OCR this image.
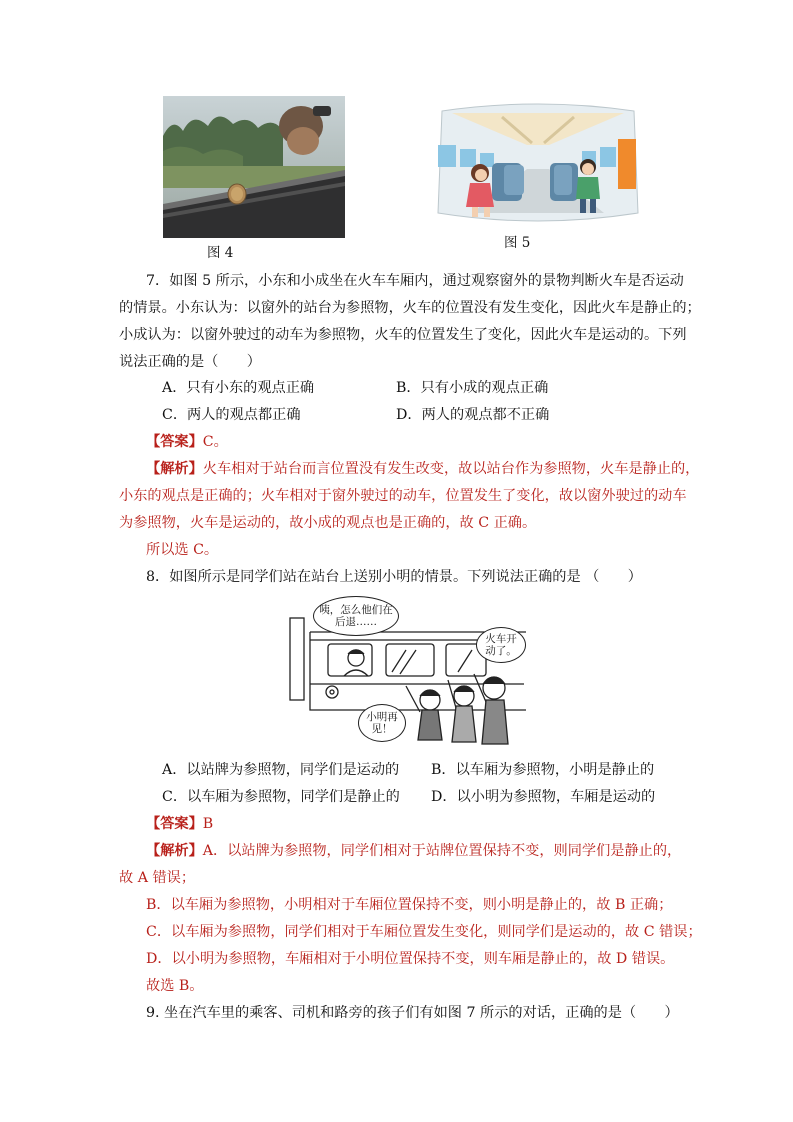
图 4
图 5
7．如图 5 所示，小东和小成坐在火车车厢内，通过观察窗外的景物判断火车是否运动
的情景。小东认为：以窗外的站台为参照物，火车的位置没有发生变化，因此火车是静止的；
小成认为：以窗外驶过的动车为参照物，火车的位置发生了变化，因此火车是运动的。下列
说法正确的是（　　）
A．只有小东的观点正确	B．只有小成的观点正确
C．两人的观点都正确	D．两人的观点都不正确
【答案】C。
【解析】火车相对于站台而言位置没有发生改变，故以站台作为参照物，火车是静止的，
小东的观点是正确的；火车相对于窗外驶过的动车，位置发生了变化，故以窗外驶过的动车
为参照物，火车是运动的，故小成的观点也是正确的，故 C 正确。
所以选 C。
8．如图所示是同学们站在站台上送别小明的情景。下列说法正确的是 （　　）
咦，怎么他们在
后退……
火车开
动了。
小明再
见！
A．以站牌为参照物，同学们是运动的 B．以车厢为参照物，小明是静止的
C．以车厢为参照物，同学们是静止的 D．以小明为参照物，车厢是运动的
【答案】B
【解析】A．以站牌为参照物，同学们相对于站牌位置保持不变，则同学们是静止的，
故 A 错误；
B．以车厢为参照物，小明相对于车厢位置保持不变，则小明是静止的，故 B 正确；
C．以车厢为参照物，同学们相对于车厢位置发生变化，则同学们是运动的，故 C 错误；
D．以小明为参照物，车厢相对于小明位置保持不变，则车厢是静止的，故 D 错误。
故选 B。
9. 坐在汽车里的乘客、司机和路旁的孩子们有如图 7 所示的对话，正确的是（　　）
